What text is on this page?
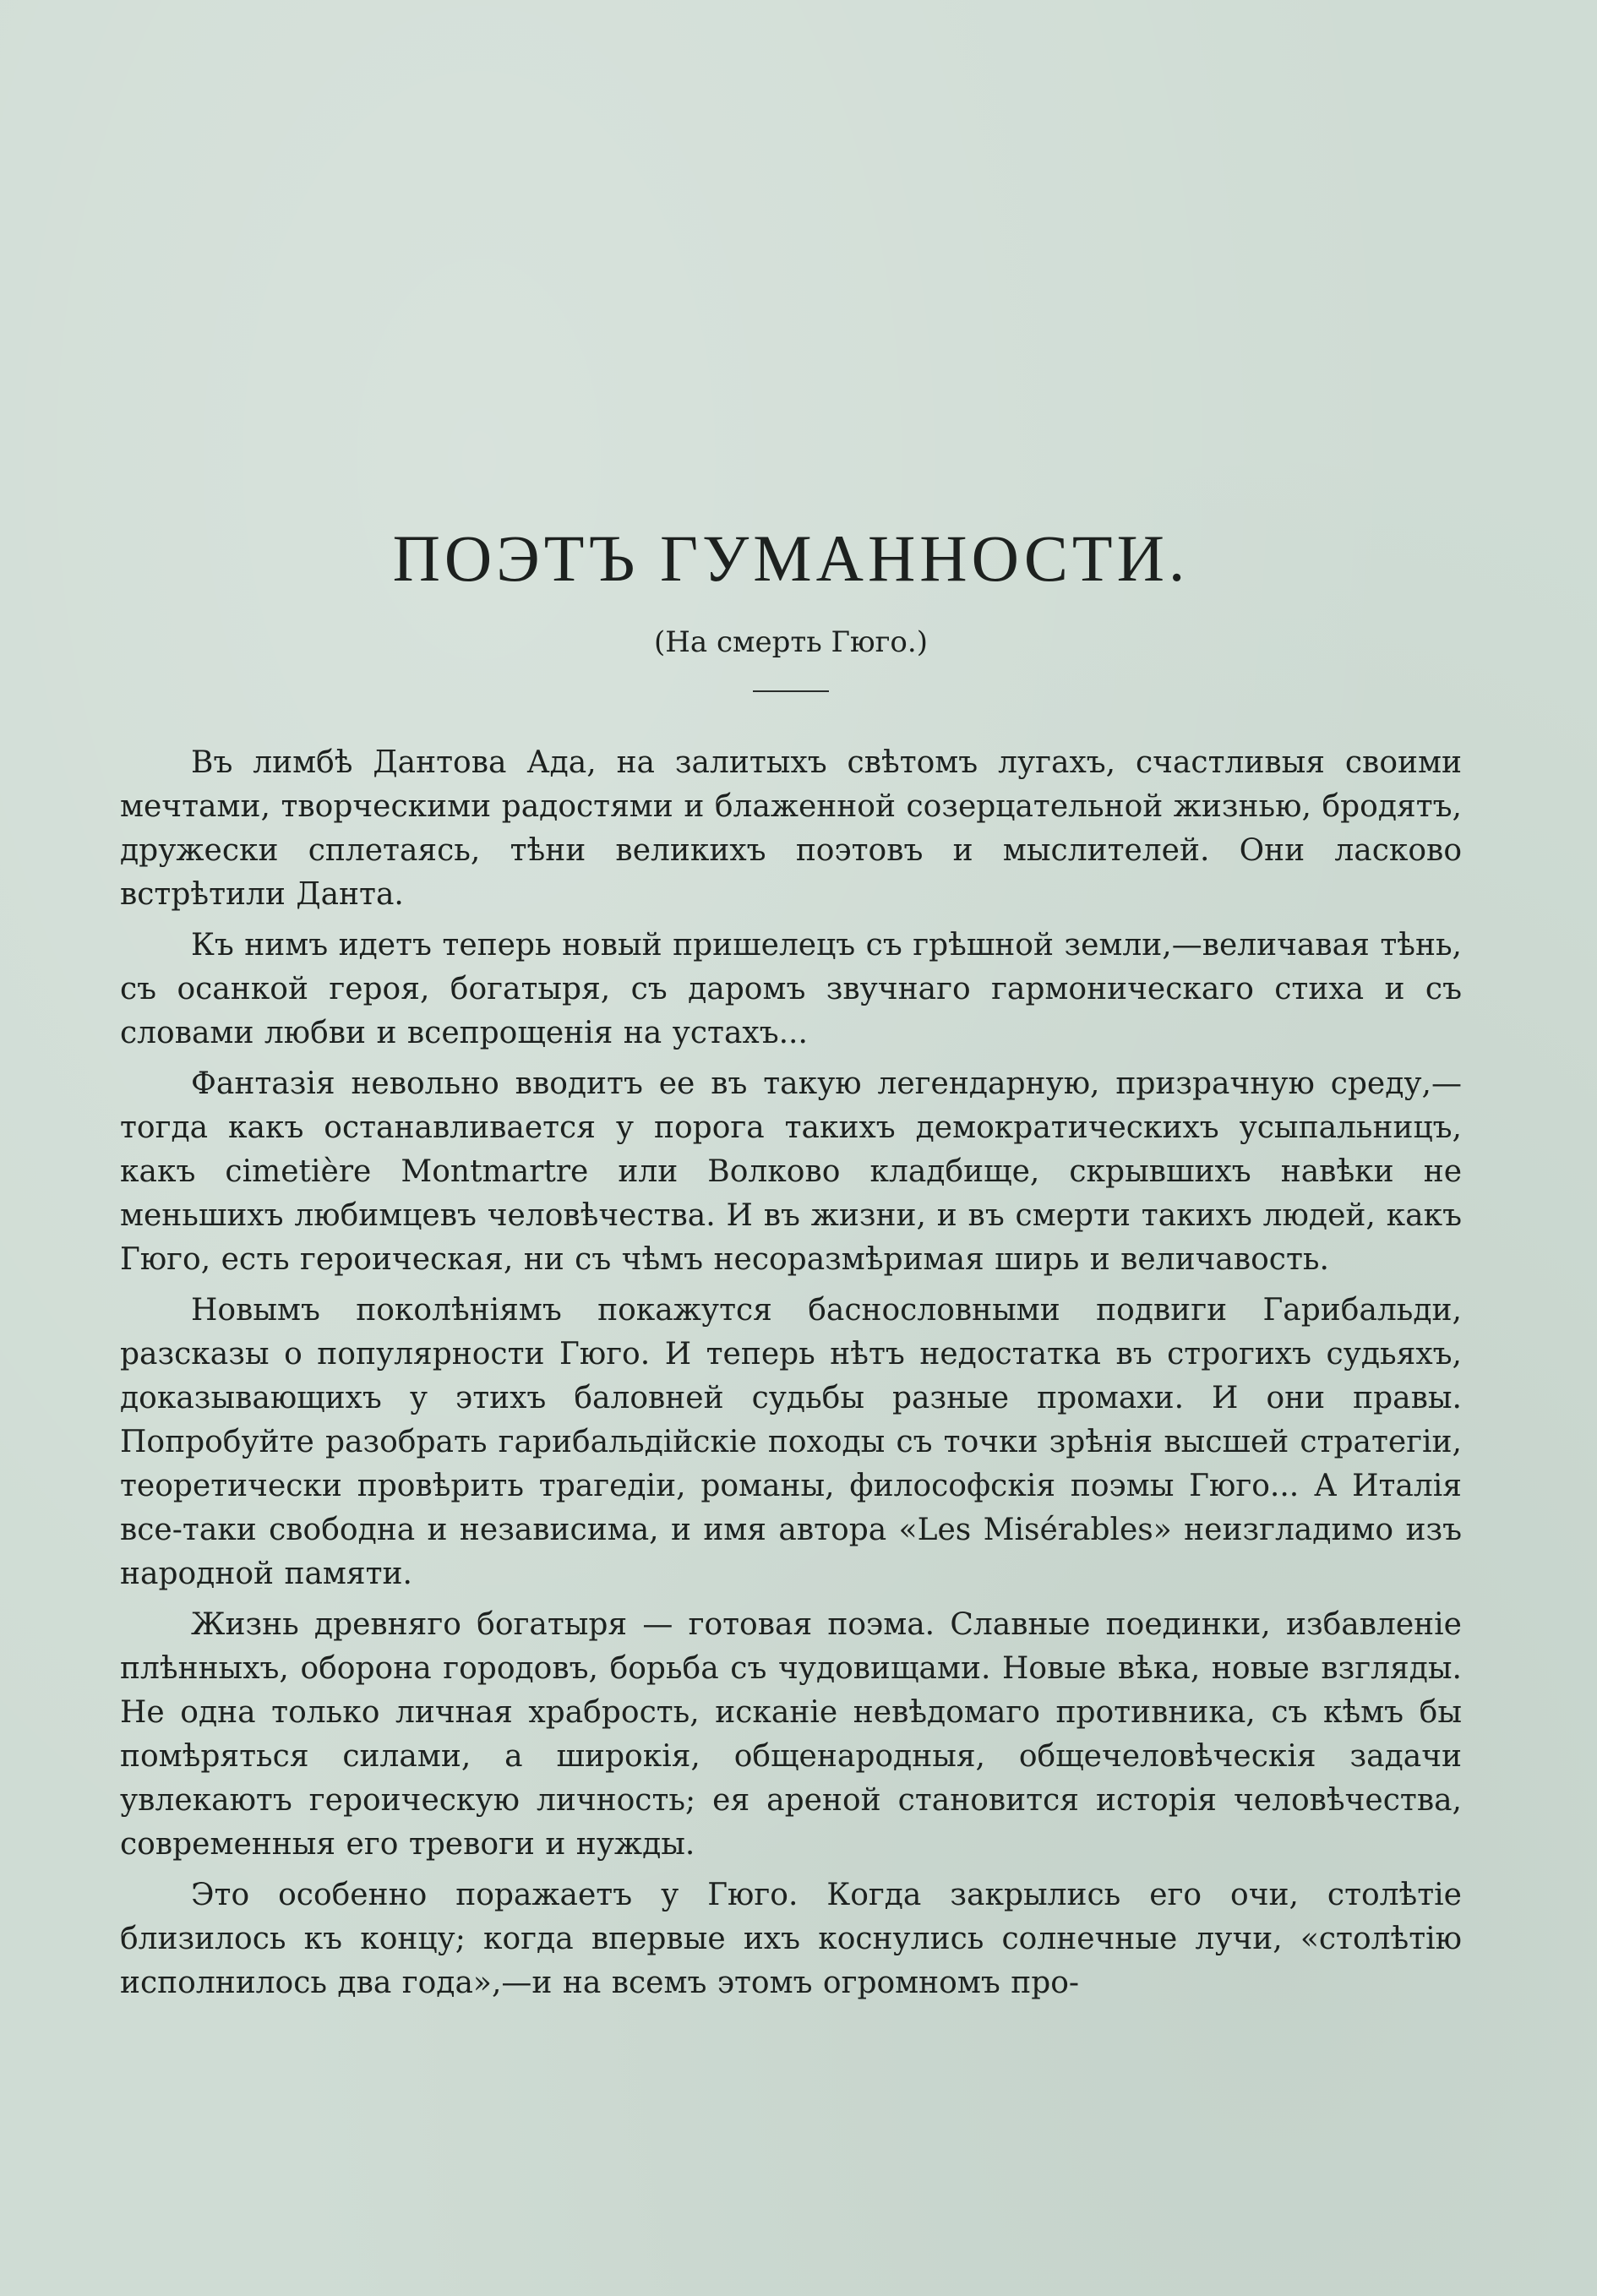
ПОЭТЪ ГУМАННОСТИ.

(На смерть Гюго.)

Въ лимбѣ Дантова Ада, на залитыхъ свѣтомъ лугахъ, счастливыя своими мечтами, творческими радостями и блаженной созерцательной жизнью, бродятъ, дружески сплетаясь, тѣни великихъ поэтовъ и мыслителей. Они ласково встрѣтили Данта.

Къ нимъ идетъ теперь новый пришелецъ съ грѣшной земли,—величавая тѣнь, съ осанкой героя, богатыря, съ даромъ звучнаго гармоническаго стиха и съ словами любви и всепрощенія на устахъ...

Фантазія невольно вводитъ ее въ такую легендарную, призрачную среду,—тогда какъ останавливается у порога такихъ демократическихъ усыпальницъ, какъ cimetière Montmartre или Волково кладбище, скрывшихъ навѣки не меньшихъ любимцевъ человѣчества. И въ жизни, и въ смерти такихъ людей, какъ Гюго, есть героическая, ни съ чѣмъ несоразмѣримая ширь и величавость.

Новымъ поколѣніямъ покажутся баснословными подвиги Гарибальди, разсказы о популярности Гюго. И теперь нѣтъ недостатка въ строгихъ судьяхъ, доказывающихъ у этихъ баловней судьбы разные промахи. И они правы. Попробуйте разобрать гарибальдійскіе походы съ точки зрѣнія высшей стратегіи, теоретически провѣрить трагедіи, романы, философскія поэмы Гюго... А Италія все-таки свободна и независима, и имя автора «Les Misérables» неизгладимо изъ народной памяти.

Жизнь древняго богатыря — готовая поэма. Славные поединки, избавленіе плѣнныхъ, оборона городовъ, борьба съ чудовищами. Новые вѣка, новые взгляды. Не одна только личная храбрость, исканіе невѣдомаго противника, съ кѣмъ бы помѣряться силами, а широкія, общенародныя, общечеловѣческія задачи увлекаютъ героическую личность; ея ареной становится исторія человѣчества, современныя его тревоги и нужды.

Это особенно поражаетъ у Гюго. Когда закрылись его очи, столѣтіе близилось къ концу; когда впервые ихъ коснулись солнечные лучи, «столѣтію исполнилось два года»,—и на всемъ этомъ огромномъ про-
